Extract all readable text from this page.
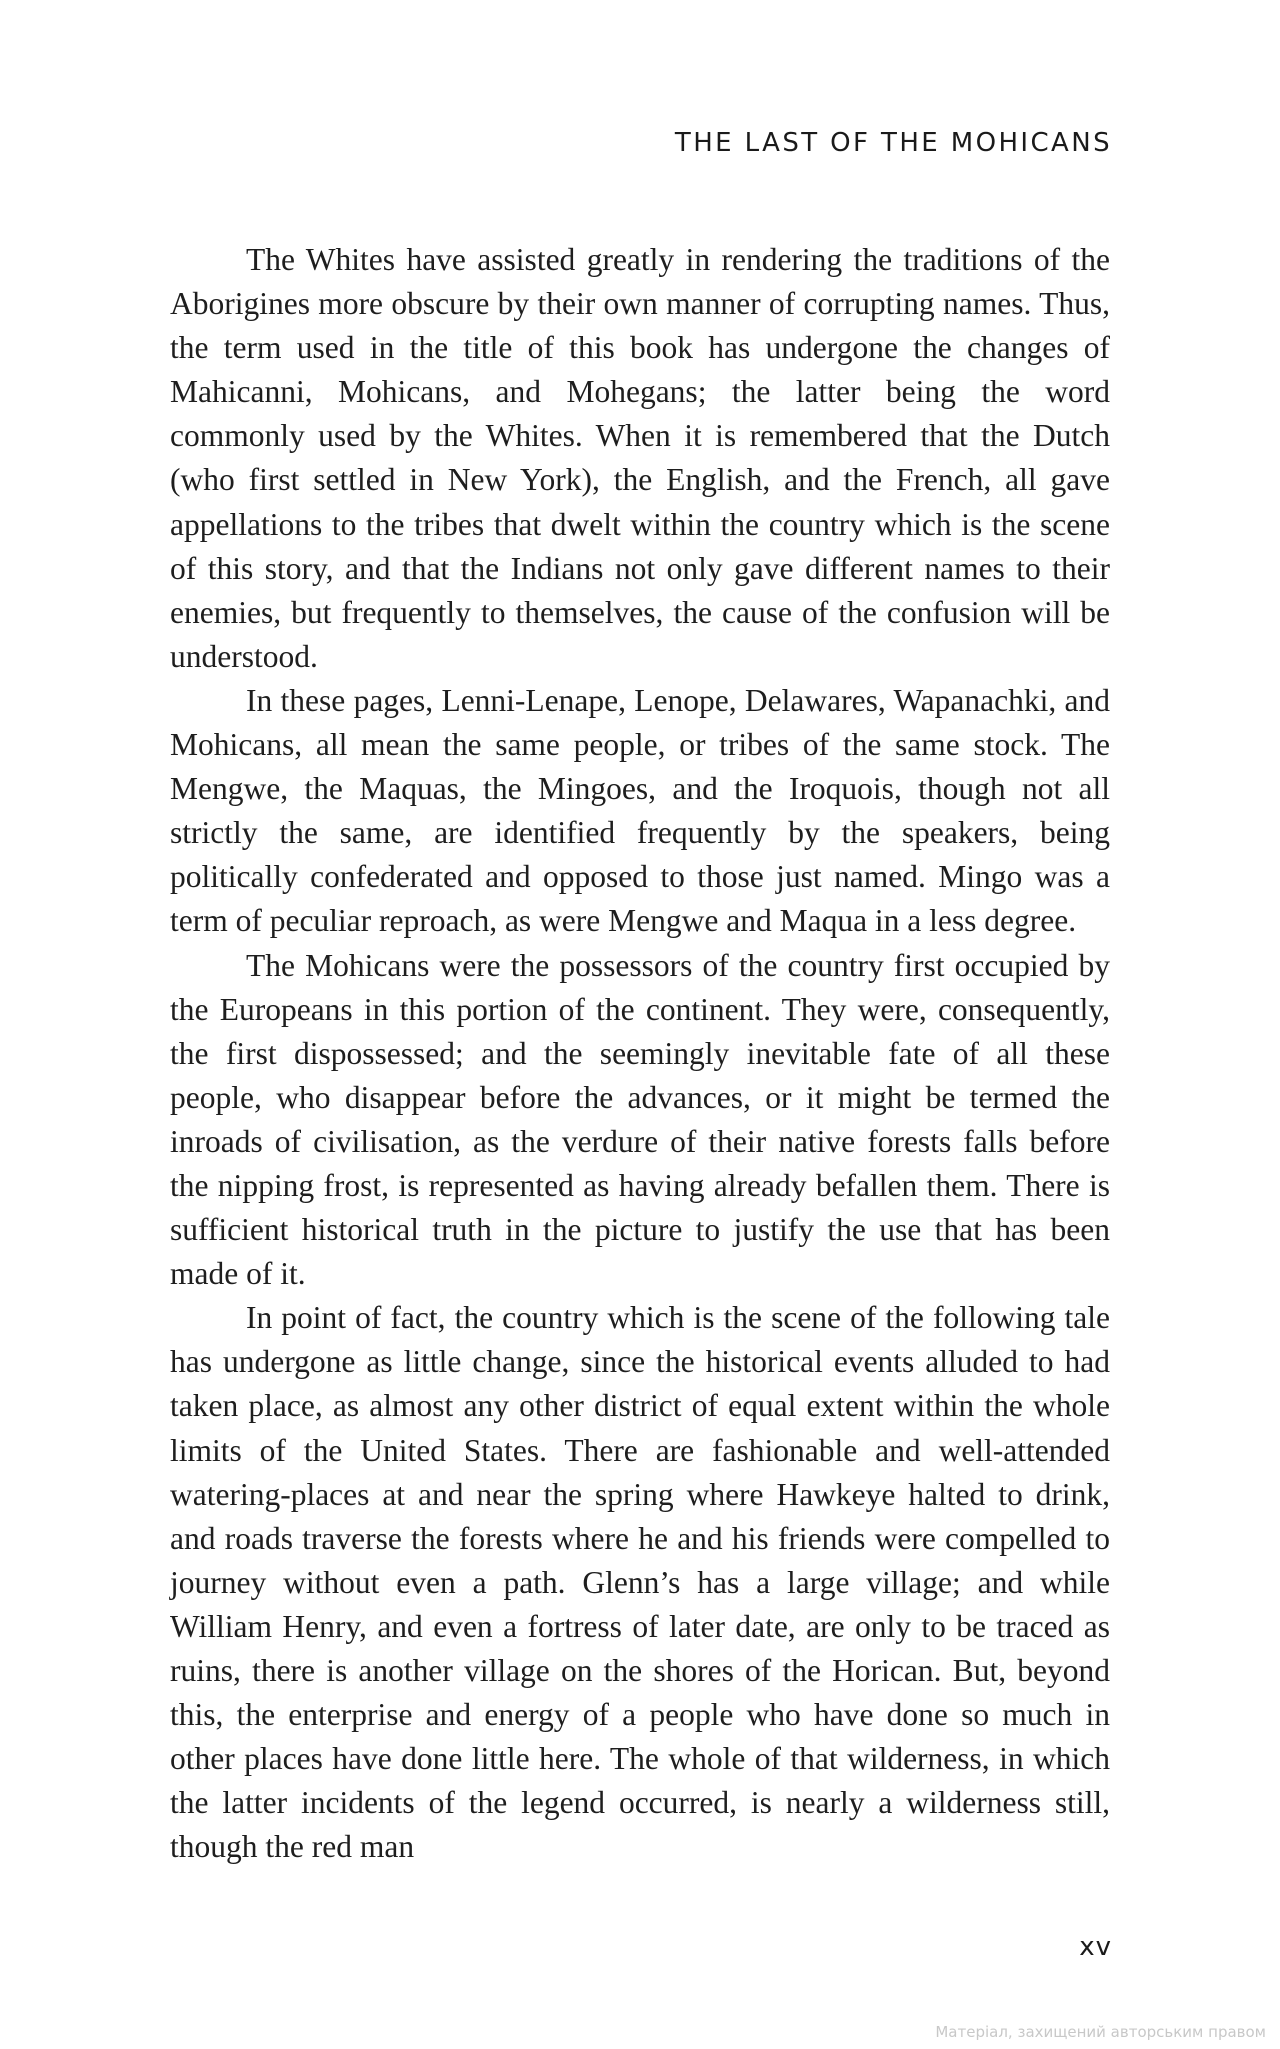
THE LAST OF THE MOHICANS

The Whites have assisted greatly in rendering the traditions of the Aborigines more obscure by their own manner of corrupting names. Thus, the term used in the title of this book has undergone the changes of Mahicanni, Mohicans, and Mohegans; the latter being the word commonly used by the Whites. When it is remembered that the Dutch (who first settled in New York), the English, and the French, all gave appellations to the tribes that dwelt within the country which is the scene of this story, and that the Indians not only gave different names to their enemies, but frequently to themselves, the cause of the confusion will be understood.

In these pages, Lenni-Lenape, Lenope, Delawares, Wapanachki, and Mohicans, all mean the same people, or tribes of the same stock. The Mengwe, the Maquas, the Mingoes, and the Iroquois, though not all strictly the same, are identified frequently by the speakers, being politically confederated and opposed to those just named. Mingo was a term of peculiar reproach, as were Mengwe and Maqua in a less degree.

The Mohicans were the possessors of the country first occupied by the Europeans in this portion of the continent. They were, consequently, the first dispossessed; and the seemingly inevitable fate of all these people, who disappear before the advances, or it might be termed the inroads of civilisation, as the verdure of their native forests falls before the nipping frost, is represented as having already befallen them. There is sufficient historical truth in the picture to justify the use that has been made of it.

In point of fact, the country which is the scene of the following tale has undergone as little change, since the historical events alluded to had taken place, as almost any other district of equal extent within the whole limits of the United States. There are fashionable and well-attended watering-places at and near the spring where Hawkeye halted to drink, and roads traverse the forests where he and his friends were compelled to journey without even a path. Glenn’s has a large village; and while William Henry, and even a fortress of later date, are only to be traced as ruins, there is another village on the shores of the Horican. But, beyond this, the enterprise and energy of a people who have done so much in other places have done little here. The whole of that wilderness, in which the latter incidents of the legend occurred, is nearly a wilderness still, though the red man

xv
Матеріал, захищений авторським правом
